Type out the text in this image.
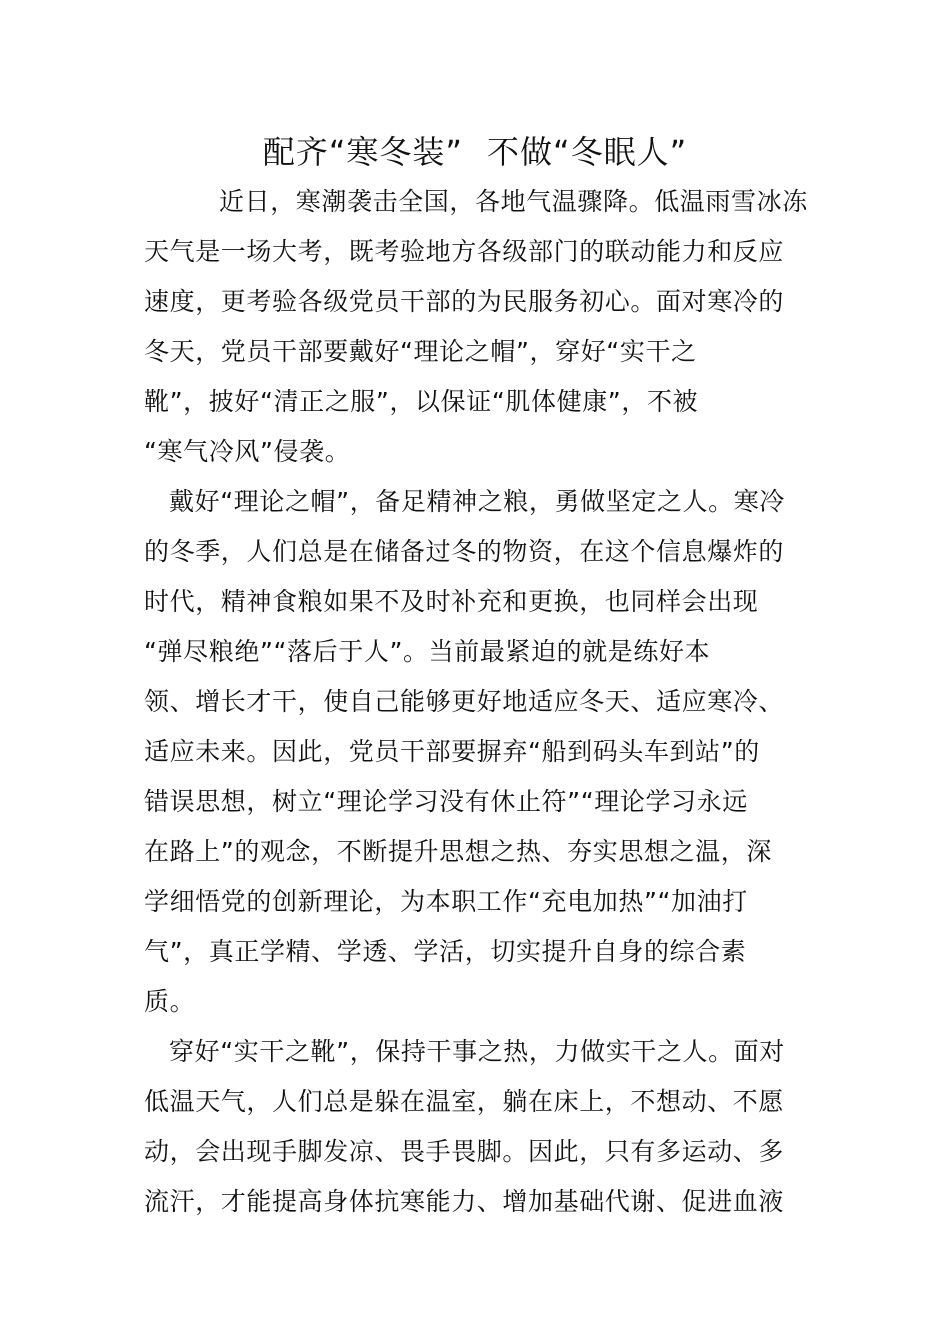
配齐“寒冬装” 不做“冬眠人”
近日，寒潮袭击全国，各地气温骤降。低温雨雪冰冻
天气是一场大考，既考验地方各级部门的联动能力和反应
速度，更考验各级党员干部的为民服务初心。面对寒冷的
冬天，党员干部要戴好“理论之帽”，穿好“实干之
靴”，披好“清正之服”，以保证“肌体健康”，不被
“寒气冷风”侵袭。
戴好“理论之帽”，备足精神之粮，勇做坚定之人。寒冷
的冬季，人们总是在储备过冬的物资，在这个信息爆炸的
时代，精神食粮如果不及时补充和更换，也同样会出现
“弹尽粮绝”“落后于人”。当前最紧迫的就是练好本
领、增长才干，使自己能够更好地适应冬天、适应寒冷、
适应未来。因此，党员干部要摒弃“船到码头车到站”的
错误思想，树立“理论学习没有休止符”“理论学习永远
在路上”的观念，不断提升思想之热、夯实思想之温，深
学细悟党的创新理论，为本职工作“充电加热”“加油打
气”，真正学精、学透、学活，切实提升自身的综合素
质。
穿好“实干之靴”，保持干事之热，力做实干之人。面对
低温天气，人们总是躲在温室，躺在床上，不想动、不愿
动，会出现手脚发凉、畏手畏脚。因此，只有多运动、多
流汗，才能提高身体抗寒能力、增加基础代谢、促进血液
